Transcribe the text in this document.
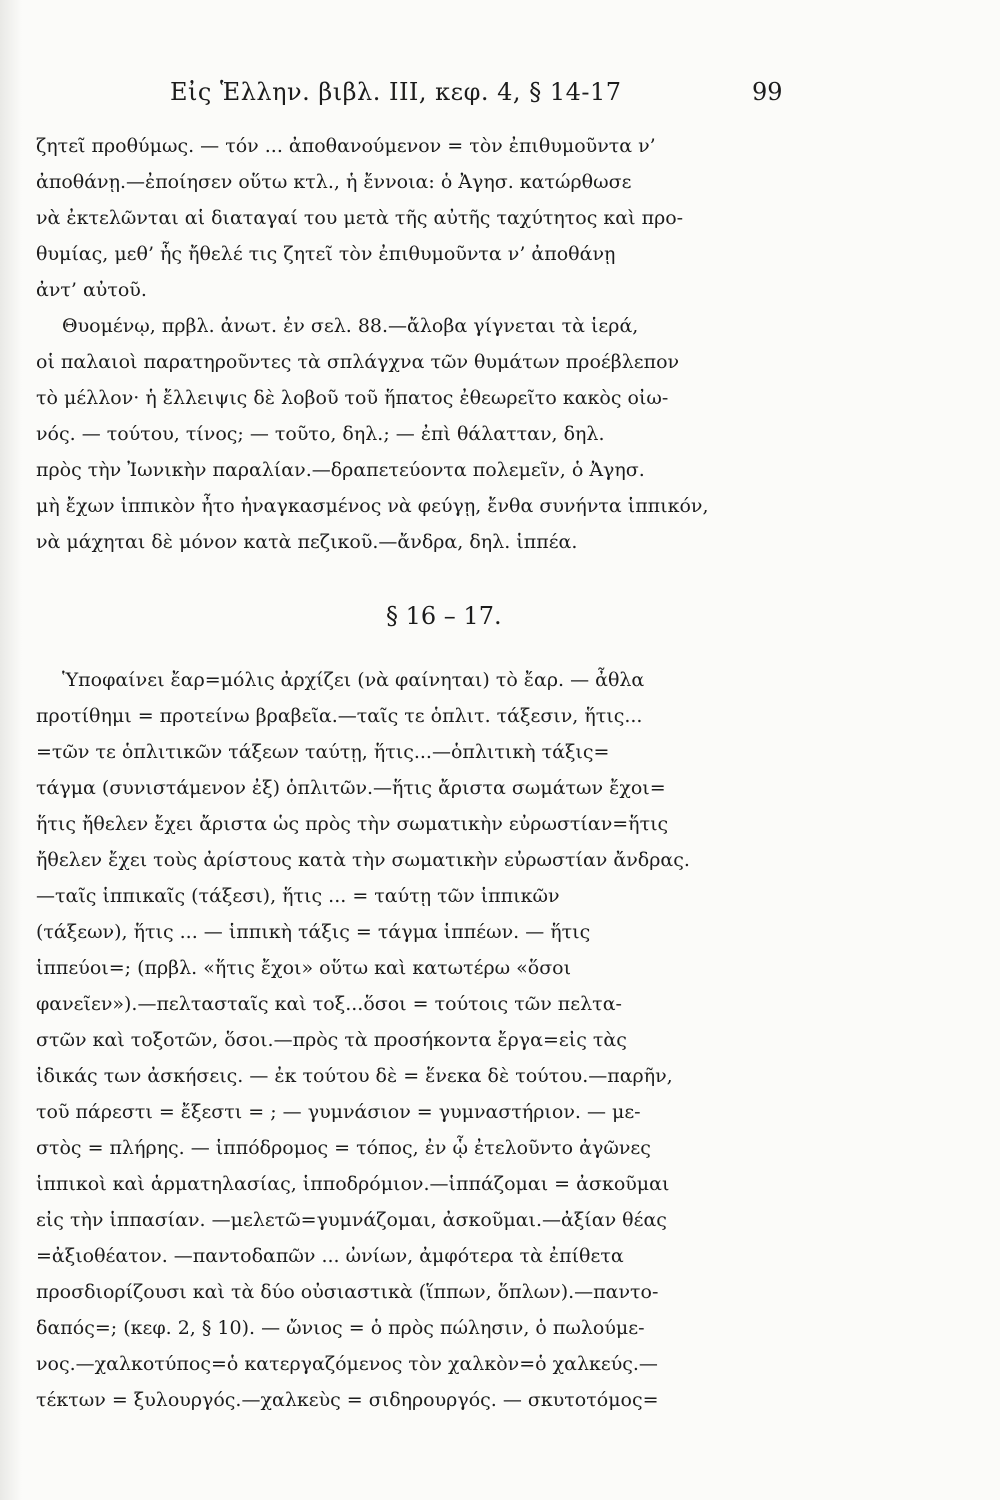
Εἰς Ἑλλην. βιβλ. III, κεφ. 4, § 14-17	99
ζητεῖ προθύμως. — τόν ... ἀποθανούμενον = τὸν ἐπιθυμοῦντα ν’
ἀποθάνῃ.—ἐποίησεν οὕτω κτλ., ἡ ἔννοια: ὁ Ἀγησ. κατώρθωσε
νὰ ἐκτελῶνται αἱ διαταγαί του μετὰ τῆς αὐτῆς ταχύτητος καὶ προ-
θυμίας, μεθ’ ἧς ἤθελέ τις ζητεῖ τὸν ἐπιθυμοῦντα ν’ ἀποθάνῃ
ἀντ’ αὐτοῦ.
Θυομένῳ, πρβλ. ἀνωτ. ἐν σελ. 88.—ἄλοβα γίγνεται τὰ ἱερά,
οἱ παλαιοὶ παρατηροῦντες τὰ σπλάγχνα τῶν θυμάτων προέβλεπον
τὸ μέλλον· ἡ ἔλλειψις δὲ λοβοῦ τοῦ ἥπατος ἐθεωρεῖτο κακὸς οἰω-
νός. — τούτου, τίνος; — τοῦτο, δηλ.; — ἐπὶ θάλατταν, δηλ.
πρὸς τὴν Ἰωνικὴν παραλίαν.—δραπετεύοντα πολεμεῖν, ὁ Ἀγησ.
μὴ ἔχων ἱππικὸν ἦτο ἠναγκασμένος νὰ φεύγῃ, ἔνθα συνήντα ἱππικόν,
νὰ μάχηται δὲ μόνον κατὰ πεζικοῦ.—ἄνδρα, δηλ. ἱππέα.
§ 16 – 17.
Ὑποφαίνει ἔαρ=μόλις ἀρχίζει (νὰ φαίνηται) τὸ ἔαρ. — ἆθλα
προτίθημι = προτείνω βραβεῖα.—ταῖς τε ὁπλιτ. τάξεσιν, ἥτις...
=τῶν τε ὁπλιτικῶν τάξεων ταύτῃ, ἥτις...—ὁπλιτικὴ τάξις=
τάγμα (συνιστάμενον ἐξ) ὁπλιτῶν.—ἥτις ἄριστα σωμάτων ἔχοι=
ἥτις ἤθελεν ἔχει ἄριστα ὡς πρὸς τὴν σωματικὴν εὐρωστίαν=ἥτις
ἤθελεν ἔχει τοὺς ἀρίστους κατὰ τὴν σωματικὴν εὐρωστίαν ἄνδρας.
—ταῖς ἱππικαῖς (τάξεσι), ἥτις ... = ταύτῃ τῶν ἱππικῶν
(τάξεων), ἥτις ... — ἱππικὴ τάξις = τάγμα ἱππέων. — ἥτις
ἱππεύοι=; (πρβλ. «ἥτις ἔχοι» οὕτω καὶ κατωτέρω «ὅσοι
φανεῖεν»).—πελτασταῖς καὶ τοξ...ὅσοι = τούτοις τῶν πελτα-
στῶν καὶ τοξοτῶν, ὅσοι.—πρὸς τὰ προσήκοντα ἔργα=εἰς τὰς
ἰδικάς των ἀσκήσεις. — ἐκ τούτου δὲ = ἕνεκα δὲ τούτου.—παρῆν,
τοῦ πάρεστι = ἔξεστι = ; — γυμνάσιον = γυμναστήριον. — με-
στὸς = πλήρης. — ἱππόδρομος = τόπος, ἐν ᾧ ἐτελοῦντο ἀγῶνες
ἱππικοὶ καὶ ἁρματηλασίας, ἱπποδρόμιον.—ἱππάζομαι = ἀσκοῦμαι
εἰς τὴν ἱππασίαν. —μελετῶ=γυμνάζομαι, ἀσκοῦμαι.—ἀξίαν θέας
=ἀξιοθέατον. —παντοδαπῶν ... ὠνίων, ἀμφότερα τὰ ἐπίθετα
προσδιορίζουσι καὶ τὰ δύο οὐσιαστικὰ (ἵππων, ὅπλων).—παντο-
δαπός=; (κεφ. 2, § 10). — ὤνιος = ὁ πρὸς πώλησιν, ὁ πωλούμε-
νος.—χαλκοτύπος=ὁ κατεργαζόμενος τὸν χαλκὸν=ὁ χαλκεύς.—
τέκτων = ξυλουργός.—χαλκεὺς = σιδηρουργός. — σκυτοτόμος=
